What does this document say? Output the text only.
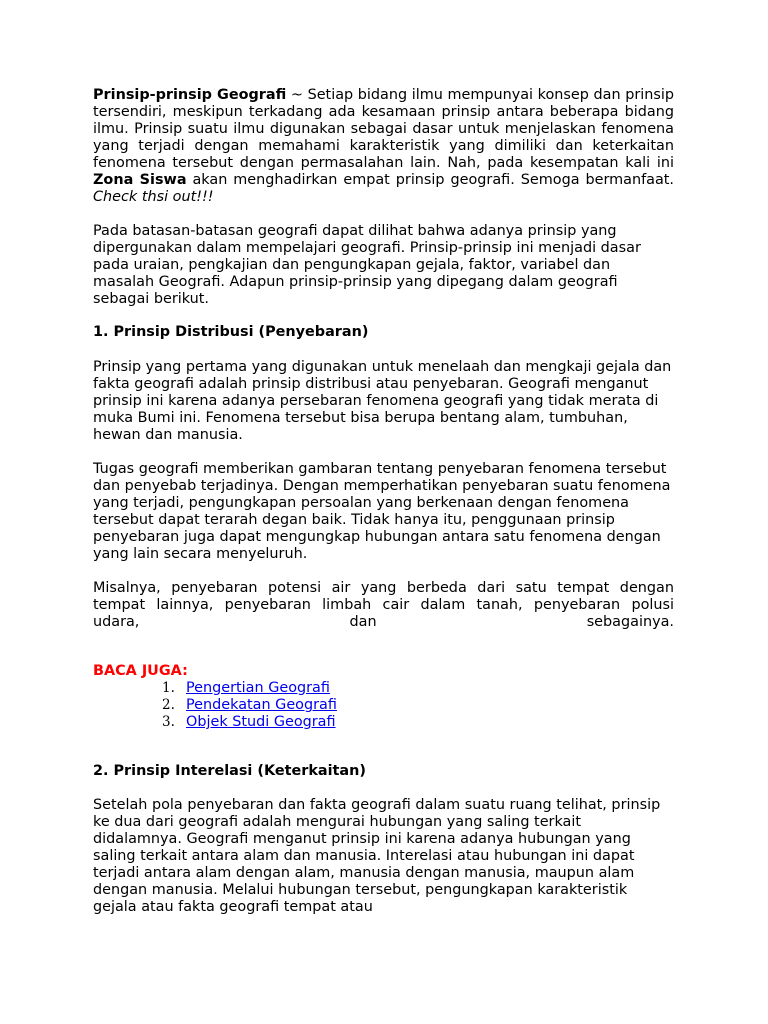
Prinsip-prinsip Geografi ~ Setiap bidang ilmu mempunyai konsep dan prinsip tersendiri, meskipun terkadang ada kesamaan prinsip antara beberapa bidang ilmu. Prinsip suatu ilmu digunakan sebagai dasar untuk menjelaskan fenomena yang terjadi dengan memahami karakteristik yang dimiliki dan keterkaitan fenomena tersebut dengan permasalahan lain. Nah, pada kesempatan kali ini Zona Siswa akan menghadirkan empat prinsip geografi. Semoga bermanfaat. Check thsi out!!!

Pada batasan-batasan geografi dapat dilihat bahwa adanya prinsip yang dipergunakan dalam mempelajari geografi. Prinsip-prinsip ini menjadi dasar pada uraian, pengkajian dan pengungkapan gejala, faktor, variabel dan masalah Geografi. Adapun prinsip-prinsip yang dipegang dalam geografi sebagai berikut.

1. Prinsip Distribusi (Penyebaran)

Prinsip yang pertama yang digunakan untuk menelaah dan mengkaji gejala dan fakta geografi adalah prinsip distribusi atau penyebaran. Geografi menganut prinsip ini karena adanya persebaran fenomena geografi yang tidak merata di muka Bumi ini. Fenomena tersebut bisa berupa bentang alam, tumbuhan, hewan dan manusia.

Tugas geografi memberikan gambaran tentang penyebaran fenomena tersebut dan penyebab terjadinya. Dengan memperhatikan penyebaran suatu fenomena yang terjadi, pengungkapan persoalan yang berkenaan dengan fenomena tersebut dapat terarah degan baik. Tidak hanya itu, penggunaan prinsip penyebaran juga dapat mengungkap hubungan antara satu fenomena dengan yang lain secara menyeluruh.

Misalnya, penyebaran potensi air yang berbeda dari satu tempat dengan tempat lainnya, penyebaran limbah cair dalam tanah, penyebaran polusi

udara,	dan	sebagainya.

BACA JUGA:

1. Pengertian Geografi
2. Pendekatan Geografi
3. Objek Studi Geografi

2. Prinsip Interelasi (Keterkaitan)

Setelah pola penyebaran dan fakta geografi dalam suatu ruang telihat, prinsip ke dua dari geografi adalah mengurai hubungan yang saling terkait didalamnya. Geografi menganut prinsip ini karena adanya hubungan yang saling terkait antara alam dan manusia. Interelasi atau hubungan ini dapat terjadi antara alam dengan alam, manusia dengan manusia, maupun alam dengan manusia. Melalui hubungan tersebut, pengungkapan karakteristik gejala atau fakta geografi tempat atau
